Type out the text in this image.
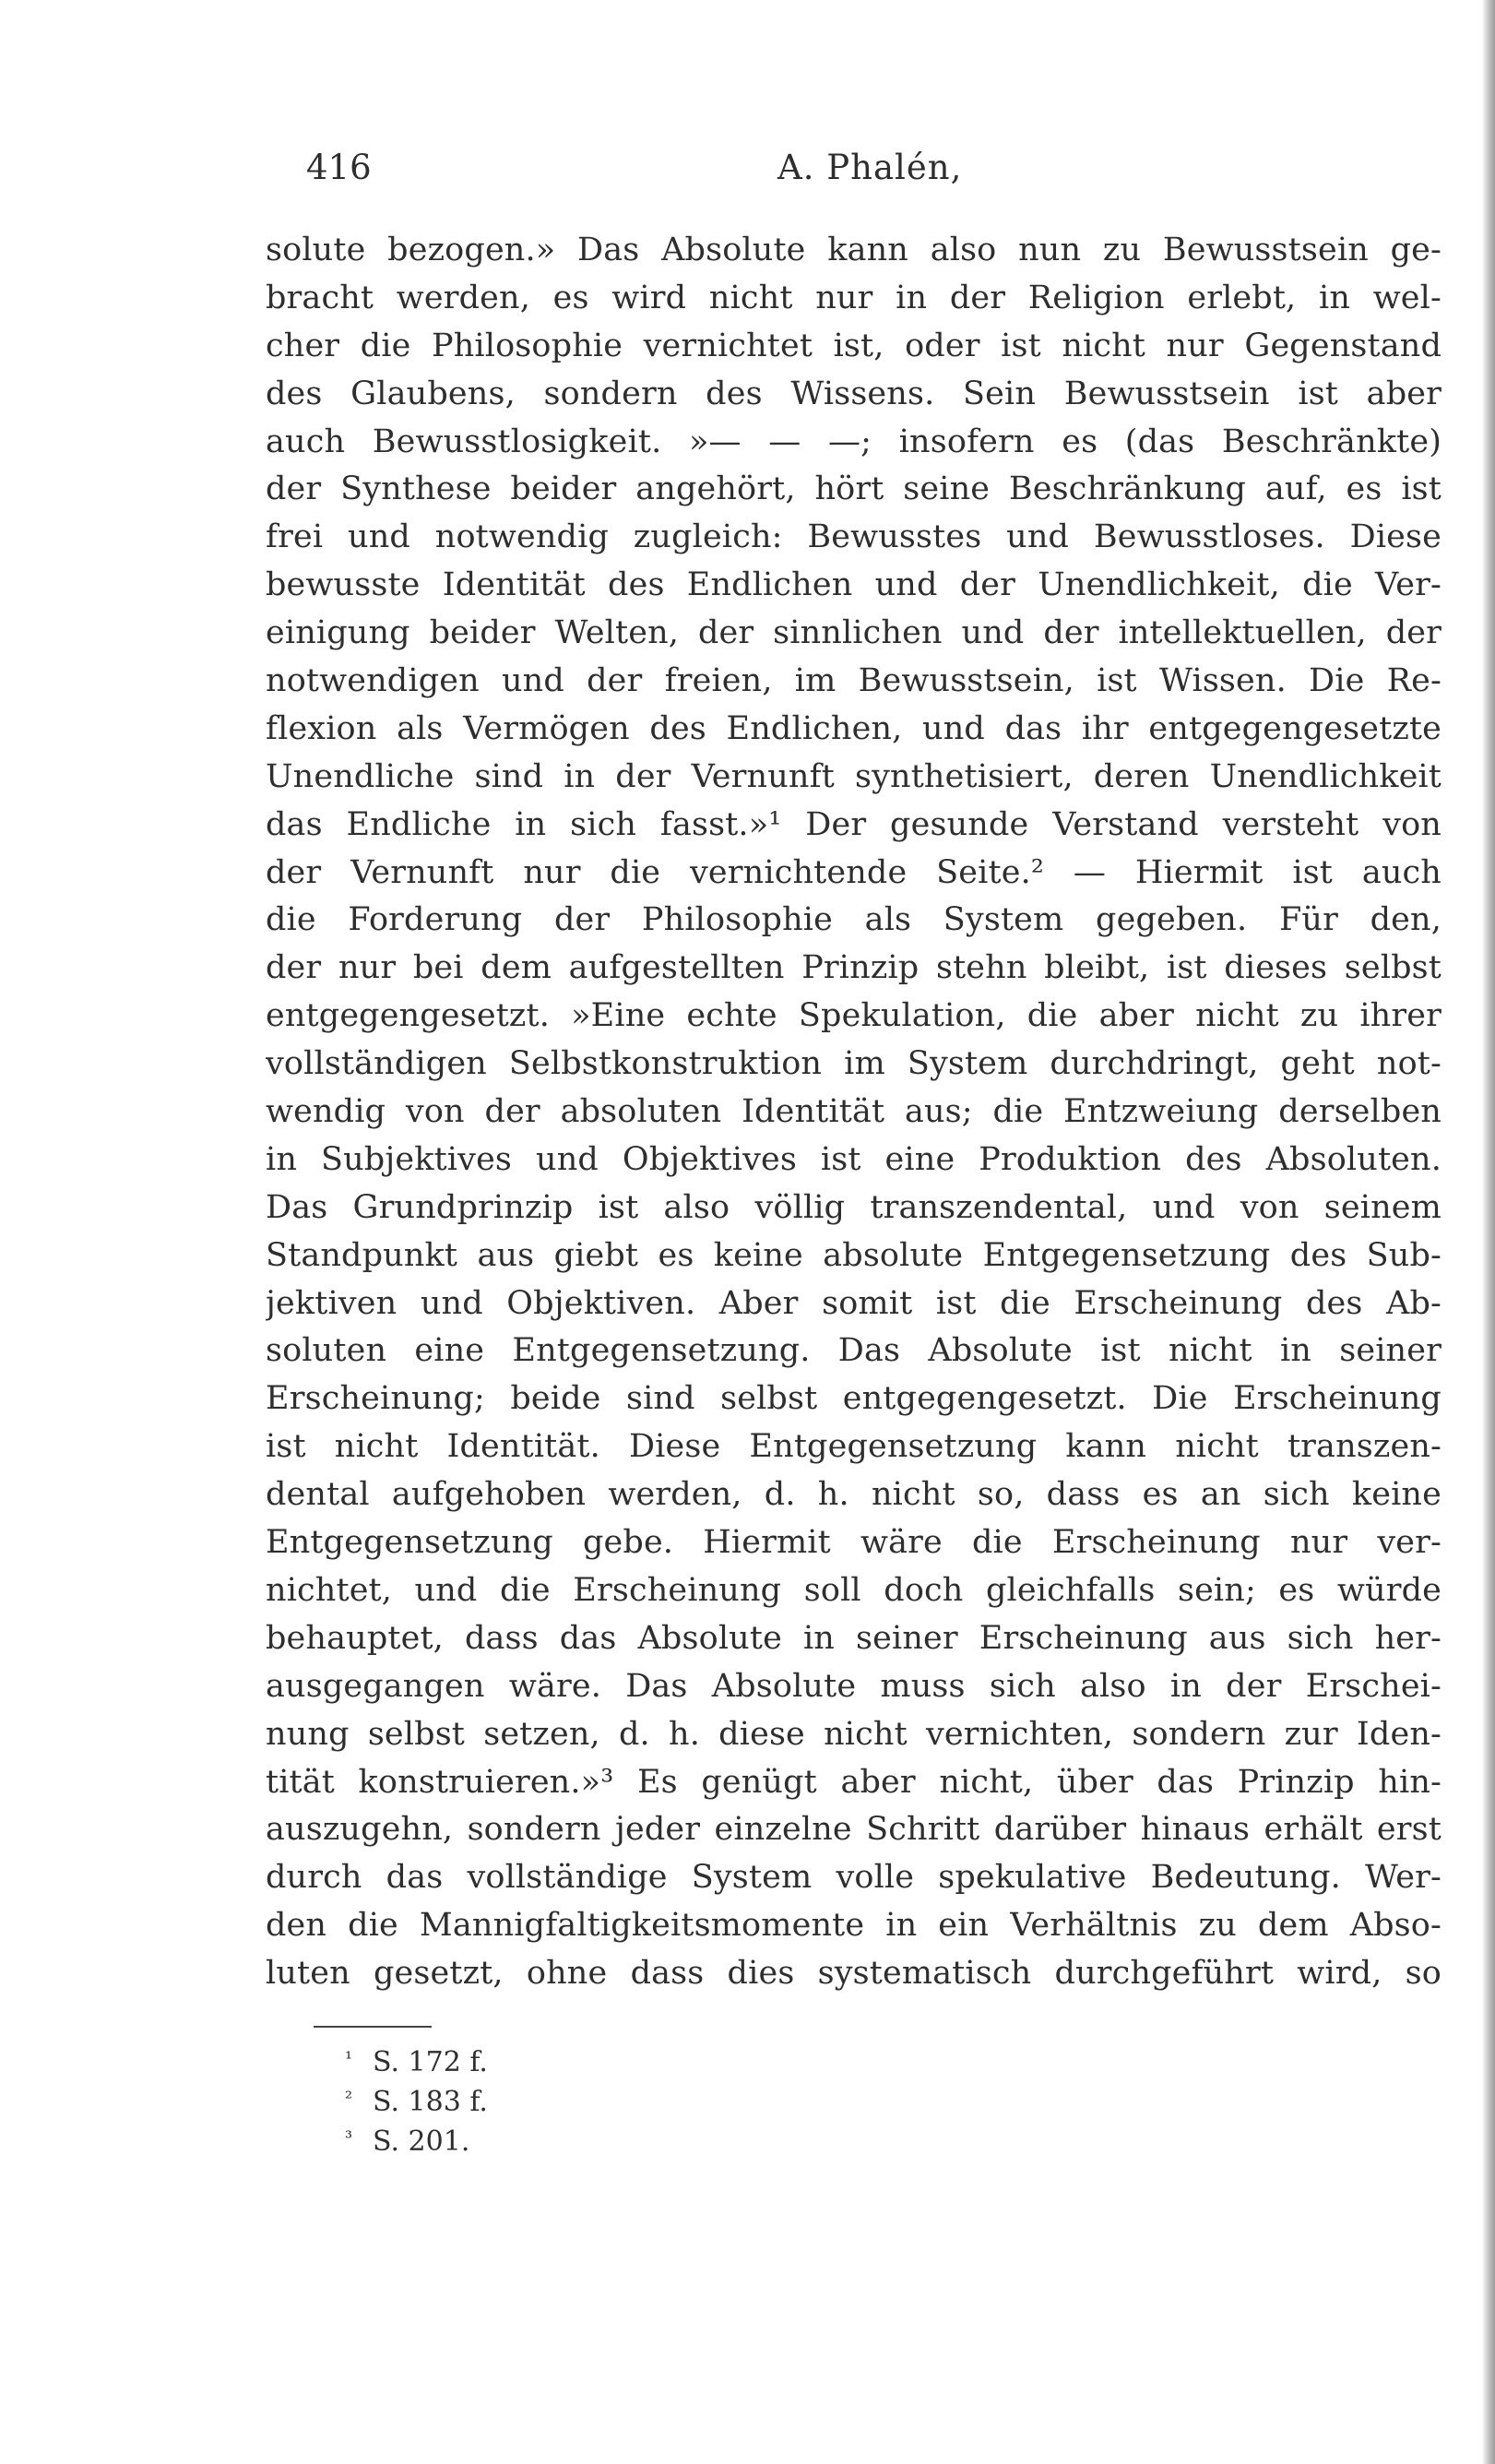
416	A. Phalén,
solute bezogen.» Das Absolute kann also nun zu Bewusstsein ge-
bracht werden, es wird nicht nur in der Religion erlebt, in wel-
cher die Philosophie vernichtet ist, oder ist nicht nur Gegenstand
des Glaubens, sondern des Wissens. Sein Bewusstsein ist aber
auch Bewusstlosigkeit. »— — —; insofern es (das Beschränkte)
der Synthese beider angehört, hört seine Beschränkung auf, es ist
frei und notwendig zugleich: Bewusstes und Bewusstloses. Diese
bewusste Identität des Endlichen und der Unendlichkeit, die Ver-
einigung beider Welten, der sinnlichen und der intellektuellen, der
notwendigen und der freien, im Bewusstsein, ist Wissen. Die Re-
flexion als Vermögen des Endlichen, und das ihr entgegengesetzte
Unendliche sind in der Vernunft synthetisiert, deren Unendlichkeit
das Endliche in sich fasst.»¹ Der gesunde Verstand versteht von
der Vernunft nur die vernichtende Seite.² — Hiermit ist auch
die Forderung der Philosophie als System gegeben. Für den,
der nur bei dem aufgestellten Prinzip stehn bleibt, ist dieses selbst
entgegengesetzt. »Eine echte Spekulation, die aber nicht zu ihrer
vollständigen Selbstkonstruktion im System durchdringt, geht not-
wendig von der absoluten Identität aus; die Entzweiung derselben
in Subjektives und Objektives ist eine Produktion des Absoluten.
Das Grundprinzip ist also völlig transzendental, und von seinem
Standpunkt aus giebt es keine absolute Entgegensetzung des Sub-
jektiven und Objektiven. Aber somit ist die Erscheinung des Ab-
soluten eine Entgegensetzung. Das Absolute ist nicht in seiner
Erscheinung; beide sind selbst entgegengesetzt. Die Erscheinung
ist nicht Identität. Diese Entgegensetzung kann nicht transzen-
dental aufgehoben werden, d. h. nicht so, dass es an sich keine
Entgegensetzung gebe. Hiermit wäre die Erscheinung nur ver-
nichtet, und die Erscheinung soll doch gleichfalls sein; es würde
behauptet, dass das Absolute in seiner Erscheinung aus sich her-
ausgegangen wäre. Das Absolute muss sich also in der Erschei-
nung selbst setzen, d. h. diese nicht vernichten, sondern zur Iden-
tität konstruieren.»³ Es genügt aber nicht, über das Prinzip hin-
auszugehn, sondern jeder einzelne Schritt darüber hinaus erhält erst
durch das vollständige System volle spekulative Bedeutung. Wer-
den die Mannigfaltigkeitsmomente in ein Verhältnis zu dem Abso-
luten gesetzt, ohne dass dies systematisch durchgeführt wird, so
¹ S. 172 f.
² S. 183 f.
³ S. 201.
